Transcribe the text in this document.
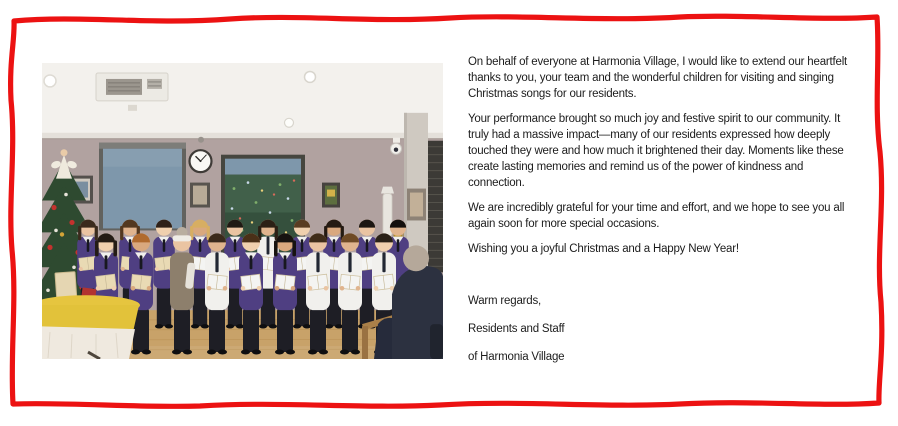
On behalf of everyone at Harmonia Village, I would like to extend our heartfelt thanks to you, your team and the wonderful children for visiting and singing Christmas songs for our residents.

Your performance brought so much joy and festive spirit to our community. It truly had a massive impact—many of our residents expressed how deeply touched they were and how much it brightened their day. Moments like these create lasting memories and remind us of the power of kindness and connection.

We are incredibly grateful for your time and effort, and we hope to see you all again soon for more special occasions.

Wishing you a joyful Christmas and a Happy New Year!

Warm regards,

Residents and Staff

of Harmonia Village
